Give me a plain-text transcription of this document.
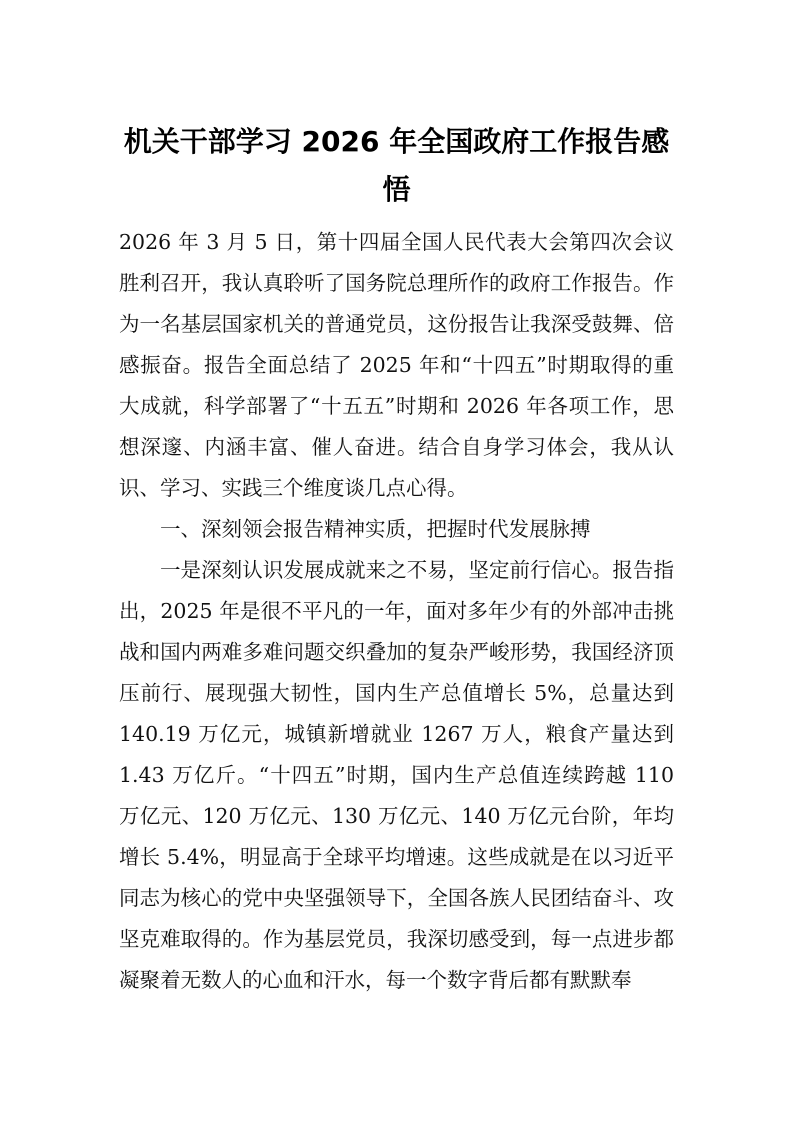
机关干部学习 2026 年全国政府工作报告感悟

2026 年 3 月 5 日，第十四届全国人民代表大会第四次会议胜利召开，我认真聆听了国务院总理所作的政府工作报告。作为一名基层国家机关的普通党员，这份报告让我深受鼓舞、倍感振奋。报告全面总结了 2025 年和“十四五”时期取得的重大成就，科学部署了“十五五”时期和 2026 年各项工作，思想深邃、内涵丰富、催人奋进。结合自身学习体会，我从认识、学习、实践三个维度谈几点心得。

一、深刻领会报告精神实质，把握时代发展脉搏

一是深刻认识发展成就来之不易，坚定前行信心。报告指出，2025 年是很不平凡的一年，面对多年少有的外部冲击挑战和国内两难多难问题交织叠加的复杂严峻形势，我国经济顶压前行、展现强大韧性，国内生产总值增长 5%，总量达到 140.19 万亿元，城镇新增就业 1267 万人，粮食产量达到 1.43 万亿斤。“十四五”时期，国内生产总值连续跨越 110 万亿元、120 万亿元、130 万亿元、140 万亿元台阶，年均增长 5.4%，明显高于全球平均增速。这些成就是在以习近平同志为核心的党中央坚强领导下，全国各族人民团结奋斗、攻坚克难取得的。作为基层党员，我深切感受到，每一点进步都凝聚着无数人的心血和汗水，每一个数字背后都有默默奉
